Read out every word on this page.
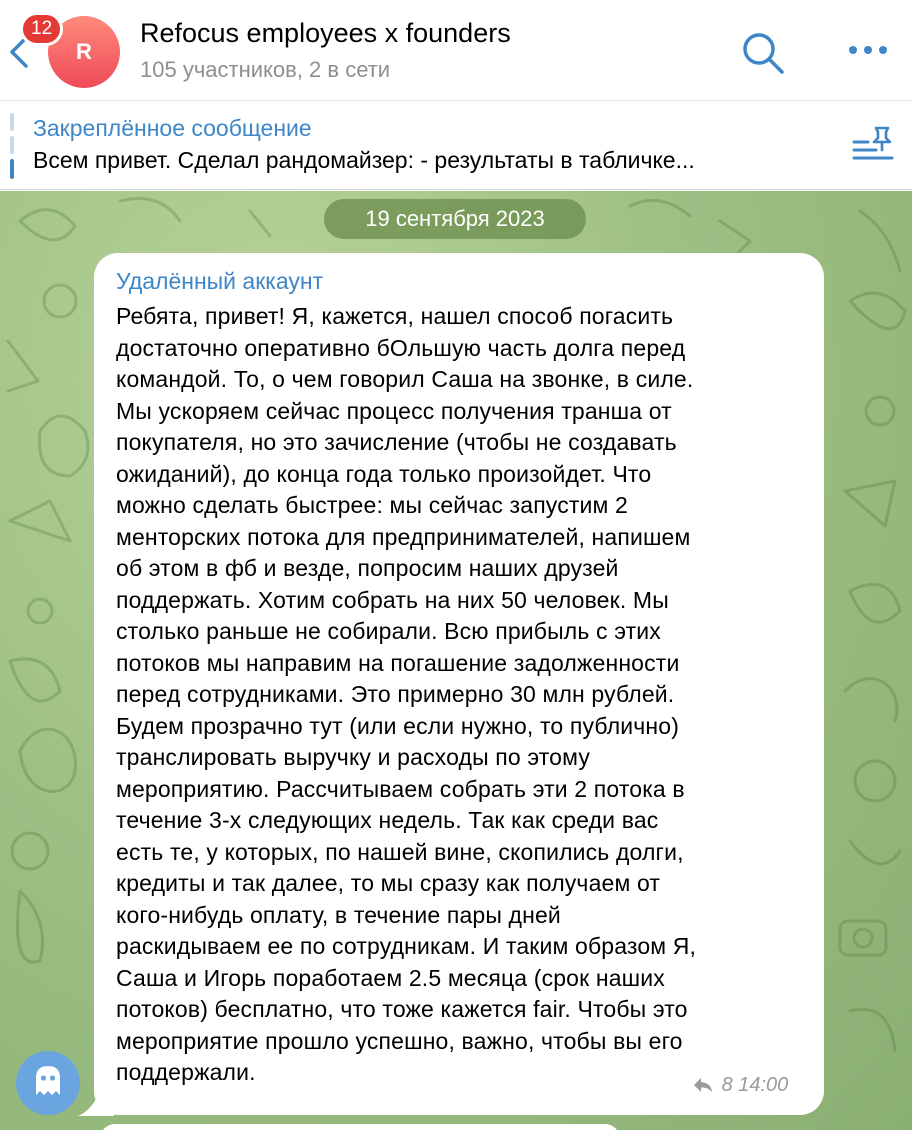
12
R
Refocus employees x founders
105 участников, 2 в сети
Закреплённое сообщение
Всем привет. Сделал рандомайзер: - результаты в табличке...
19 сентября 2023
Удалённый аккаунт
Ребята, привет! Я, кажется, нашел способ погасить
достаточно оперативно бОльшую часть долга перед
командой. То, о чем говорил Саша на звонке, в силе.
Мы ускоряем сейчас процесс получения транша от
покупателя, но это зачисление (чтобы не создавать
ожиданий), до конца года только произойдет. Что
можно сделать быстрее: мы сейчас запустим 2
менторских потока для предпринимателей, напишем
об этом в фб и везде, попросим наших друзей
поддержать. Хотим собрать на них 50 человек. Мы
столько раньше не собирали. Всю прибыль с этих
потоков мы направим на погашение задолженности
перед сотрудниками. Это примерно 30 млн рублей.
Будем прозрачно тут (или если нужно, то публично)
транслировать выручку и расходы по этому
мероприятию. Рассчитываем собрать эти 2 потока в
течение 3-х следующих недель. Так как среди вас
есть те, у которых, по нашей вине, скопились долги,
кредиты и так далее, то мы сразу как получаем от
кого-нибудь оплату, в течение пары дней
раскидываем ее по сотрудникам. И таким образом Я,
Саша и Игорь поработаем 2.5 месяца (срок наших
потоков) бесплатно, что тоже кажется fair. Чтобы это
мероприятие прошло успешно, важно, чтобы вы его
поддержали.	8 14:00
